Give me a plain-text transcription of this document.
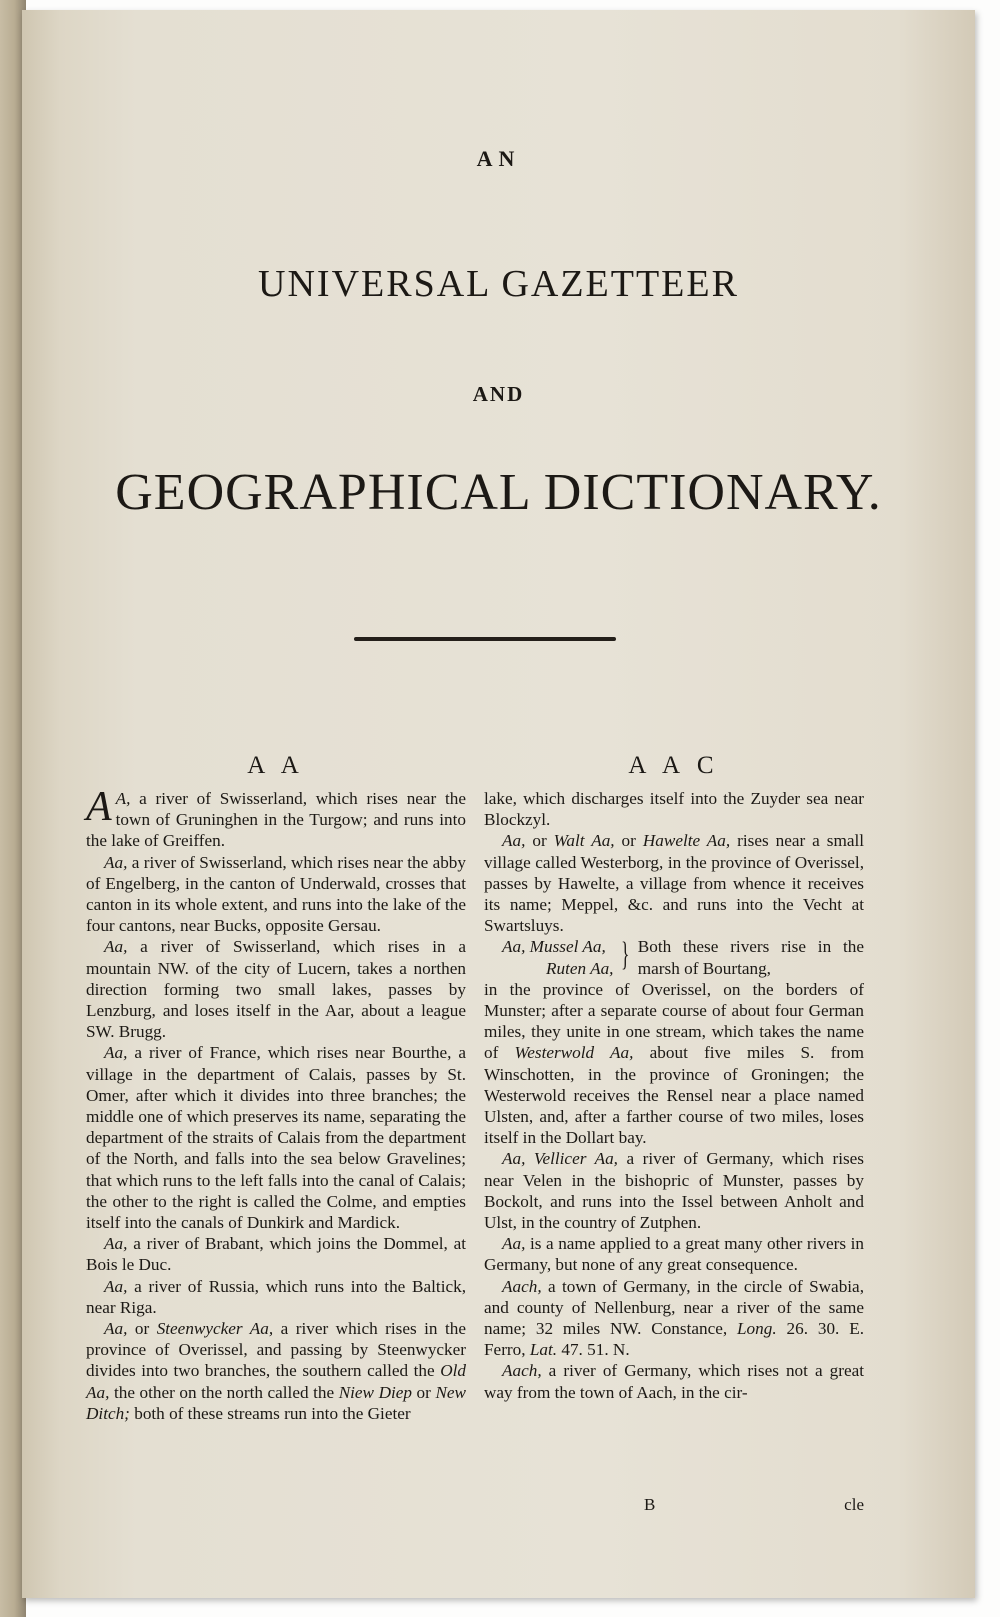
AN
UNIVERSAL GAZETTEER
AND
GEOGRAPHICAL DICTIONARY.
A A

A A, a river of Swisserland, which rises near the town of Gruninghen in the Turgow; and runs into the lake of Greiffen.

Aa, a river of Swisserland, which rises near the abby of Engelberg, in the canton of Underwald, crosses that canton in its whole extent, and runs into the lake of the four cantons, near Bucks, opposite Gersau.

Aa, a river of Swisserland, which rises in a mountain NW. of the city of Lucern, takes a northen direction forming two small lakes, passes by Lenzburg, and loses itself in the Aar, about a league SW. Brugg.

Aa, a river of France, which rises near Bourthe, a village in the department of Calais, passes by St. Omer, after which it divides into three branches; the middle one of which preserves its name, separating the department of the straits of Calais from the department of the North, and falls into the sea below Gravelines; that which runs to the left falls into the canal of Calais; the other to the right is called the Colme, and empties itself into the canals of Dunkirk and Mardick.

Aa, a river of Brabant, which joins the Dommel, at Bois le Duc.

Aa, a river of Russia, which runs into the Baltick, near Riga.

Aa, or Steenwycker Aa, a river which rises in the province of Overissel, and passing by Steenwycker divides into two branches, the southern called the Old Aa, the other on the north called the Niew Diep or New Ditch; both of these streams run into the Gieter

A A C

lake, which discharges itself into the Zuyder sea near Blockzyl.

Aa, or Walt Aa, or Hawelte Aa, rises near a small village called Westerborg, in the province of Overissel, passes by Hawelte, a village from whence it receives its name; Meppel, &c. and runs into the Vecht at Swartsluys.

Aa, Mussel Aa,
Ruten Aa, } Both these rivers rise in the marsh of Bourtang,

in the province of Overissel, on the borders of Munster; after a separate course of about four German miles, they unite in one stream, which takes the name of Westerwold Aa, about five miles S. from Winschotten, in the province of Groningen; the Westerwold receives the Rensel near a place named Ulsten, and, after a farther course of two miles, loses itself in the Dollart bay.

Aa, Vellicer Aa, a river of Germany, which rises near Velen in the bishopric of Munster, passes by Bockolt, and runs into the Issel between Anholt and Ulst, in the country of Zutphen.

Aa, is a name applied to a great many other rivers in Germany, but none of any great consequence.

Aach, a town of Germany, in the circle of Swabia, and county of Nellenburg, near a river of the same name; 32 miles NW. Constance, Long. 26. 30. E. Ferro, Lat. 47. 51. N.

Aach, a river of Germany, which rises not a great way from the town of Aach, in the cir-

B	cle
